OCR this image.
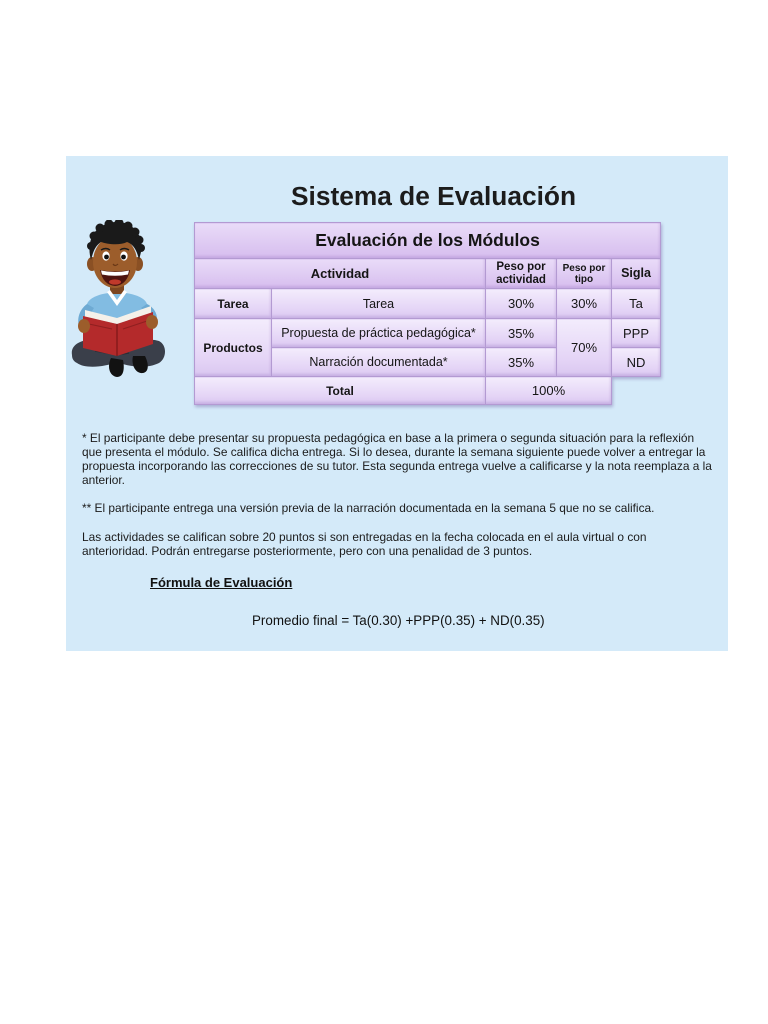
Sistema de Evaluación
Evaluación de los Módulos				
Actividad		Peso por actividad	Peso por tipo	Sigla
Tarea	Tarea	30%	30%	Ta
Productos	Propuesta de práctica pedagógica*	35%	70%	PPP
	Narración documentada*	35%		ND
Total		100%		
* El participante debe presentar su propuesta pedagógica en base a la primera o segunda situación para la reflexión
que presenta el módulo. Se califica dicha entrega. Si lo desea, durante la semana siguiente puede volver a entregar la
propuesta incorporando las correcciones de su tutor. Esta segunda entrega vuelve a calificarse y la nota reemplaza a la
anterior.
** El participante entrega una versión previa de la narración documentada en la semana 5 que no se califica.
Las actividades se califican sobre 20 puntos si son entregadas en la fecha colocada en el aula virtual o con
anterioridad. Podrán entregarse posteriormente, pero con una penalidad de 3 puntos.
Fórmula de Evaluación
Promedio final = Ta(0.30) +PPP(0.35) + ND(0.35)
